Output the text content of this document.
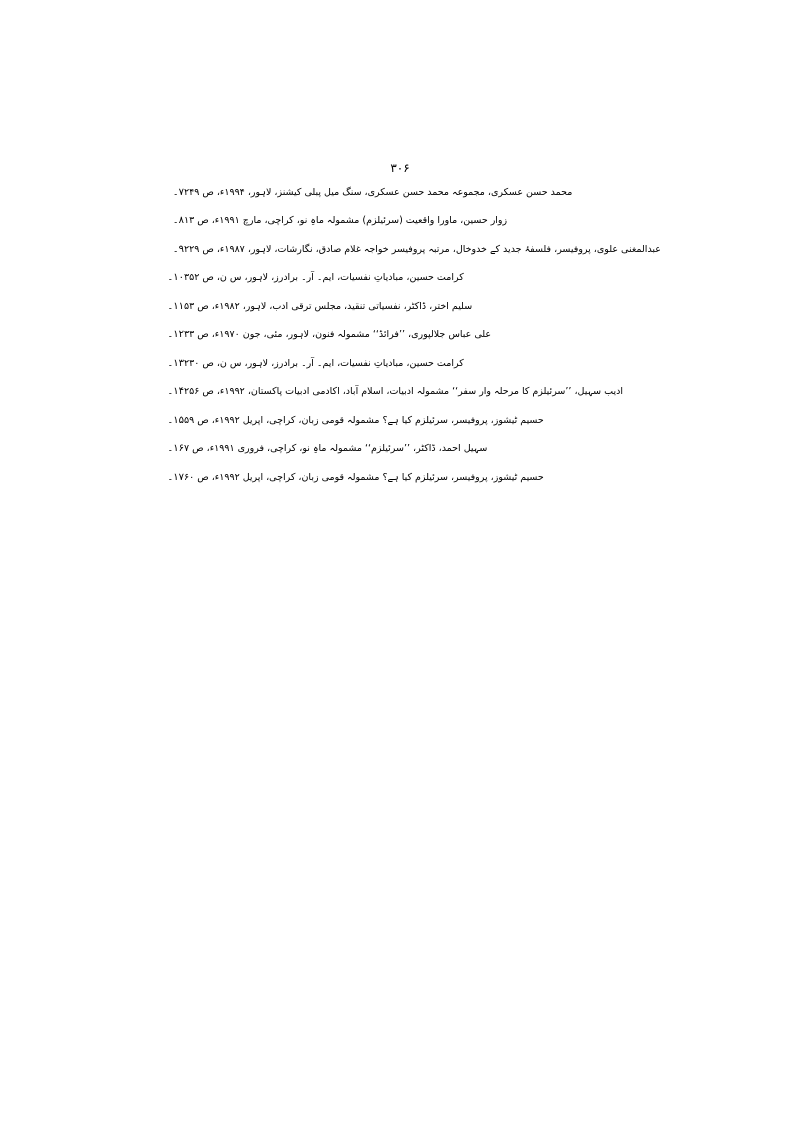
۳۰۶
۷۔ محمد حسن عسکری، مجموعہ محمد حسن عسکری، سنگ میل پبلی کیشنز، لاہور، ۱۹۹۴ء، ص ۲۴۹
۸۔ زوار حسین، ماورا واقعیت (سرئیلزم) مشمولہ ماہِ نو، کراچی، مارچ ۱۹۹۱ء، ص ۱۳
۹۔ عبدالمغنی علوی، پروفیسر، فلسفۂ جدید کے خدوخال، مرتبہ پروفیسر خواجہ غلام صادق، نگارشات، لاہور، ۱۹۸۷ء، ص ۲۲۹
۱۰۔ کرامت حسین، مبادیاتِ نفسیات، ایم۔ آر۔ برادرز، لاہور، س ن، ص ۳۵۲
۱۱۔ سلیم اختر، ڈاکٹر، نفسیاتی تنقید، مجلس ترقی ادب، لاہور، ۱۹۸۲ء، ص ۵۳
۱۲۔ علی عباس جلالپوری، ’’فرائڈ‘‘ مشمولہ فنون، لاہور، مئی، جون ۱۹۷۰ء، ص ۳۳
۱۳۔ کرامت حسین، مبادیاتِ نفسیات، ایم۔ آر۔ برادرز، لاہور، س ن، ص ۲۳۰
۱۴۔ ادیب سہیل، ’’سرئیلزم کا مرحلہ وار سفر‘‘ مشمولہ ادبیات، اسلام آباد، اکادمی ادبیات پاکستان، ۱۹۹۲ء، ص ۲۵۶
۱۵۔ حسیم ٹیشوز، پروفیسر، سرئیلزم کیا ہے؟ مشمولہ قومی زبان، کراچی، اپریل ۱۹۹۲ء، ص ۵۹
۱۶۔ سہیل احمد، ڈاکٹر، ’’سرئیلزم‘‘ مشمولہ ماہِ نو، کراچی، فروری ۱۹۹۱ء، ص ۷
۱۷۔ حسیم ٹیشوز، پروفیسر، سرئیلزم کیا ہے؟ مشمولہ قومی زبان، کراچی، اپریل ۱۹۹۲ء، ص ۶۰
